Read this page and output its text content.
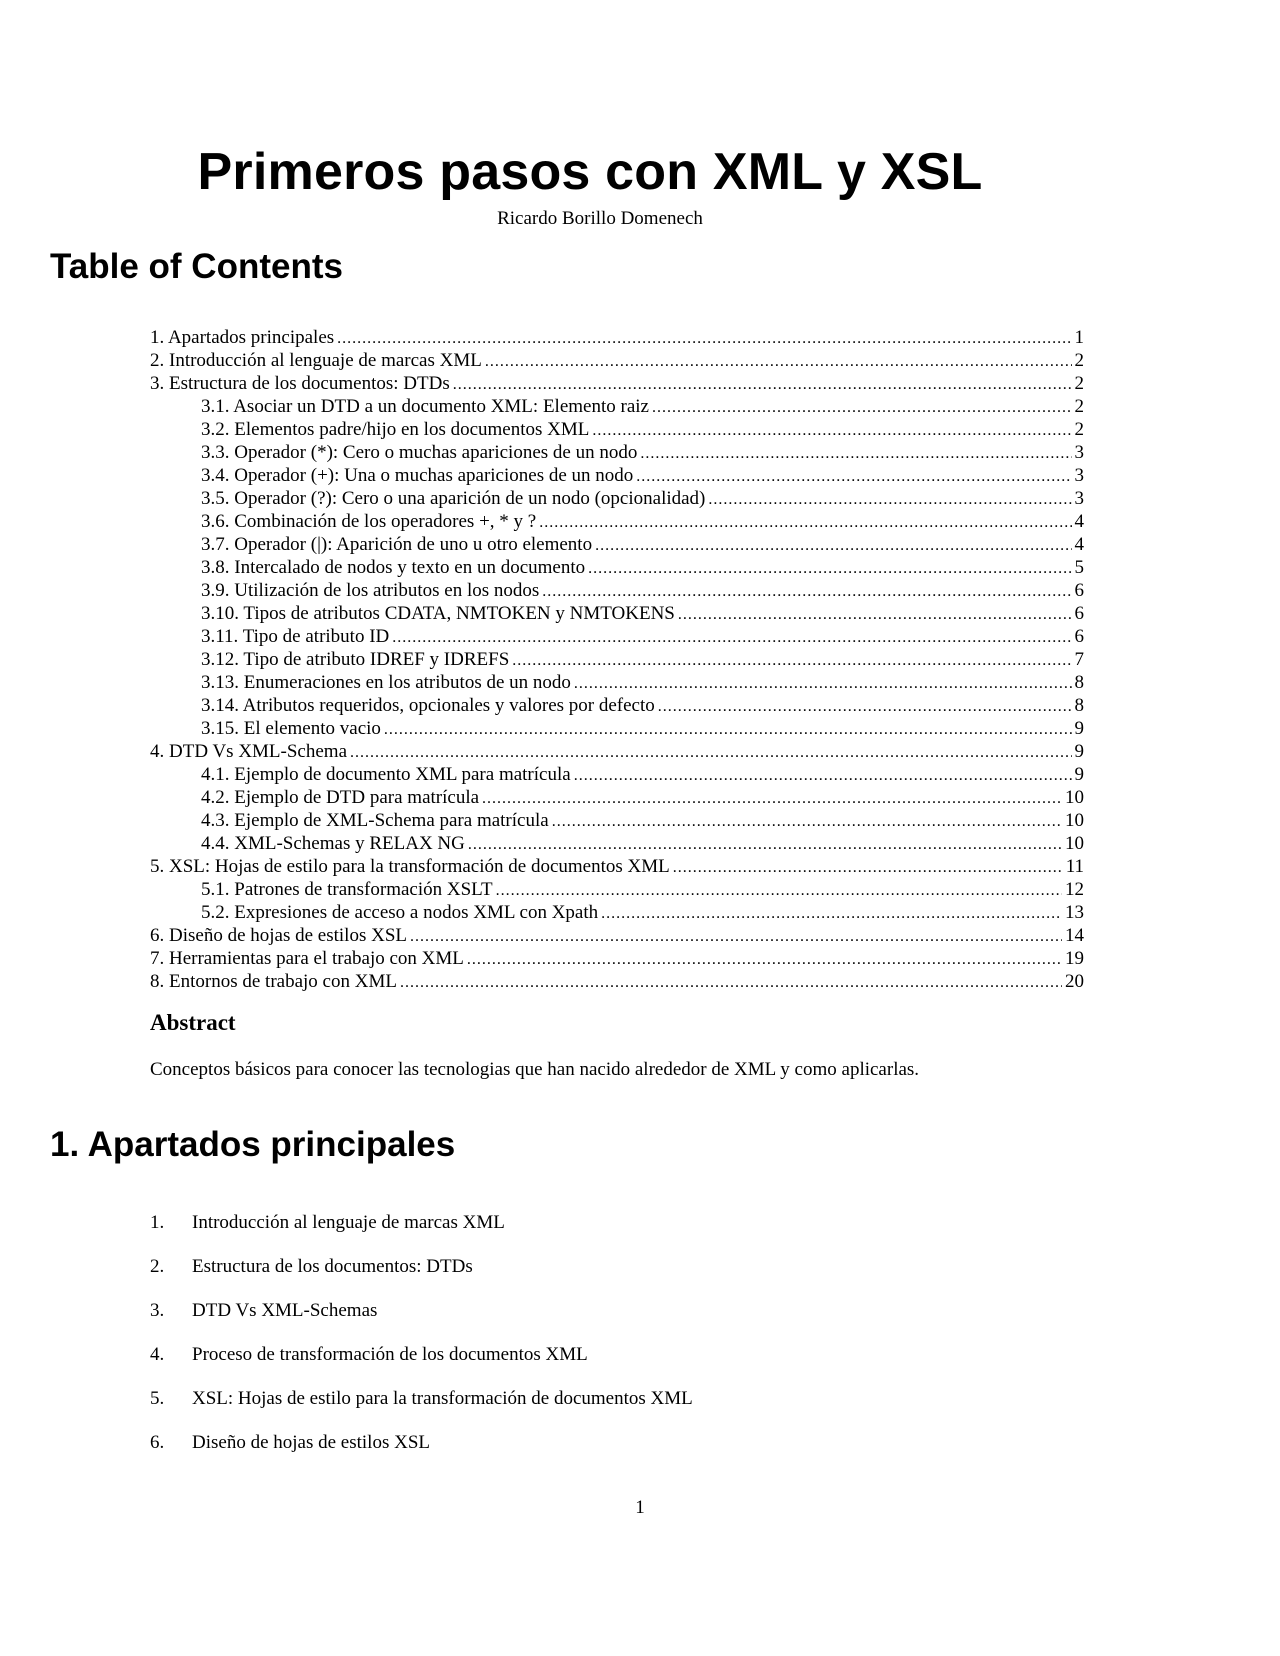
Primeros pasos con XML y XSL
Ricardo Borillo Domenech
Table of Contents
1. Apartados principales .....	1
2. Introducción al lenguaje de marcas XML .....	2
3. Estructura de los documentos: DTDs .....	2
3.1. Asociar un DTD a un documento XML: Elemento raiz .....	2
3.2. Elementos padre/hijo en los documentos XML .....	2
3.3. Operador (*): Cero o muchas apariciones de un nodo .....	3
3.4. Operador (+): Una o muchas apariciones de un nodo .....	3
3.5. Operador (?): Cero o una aparición de un nodo (opcionalidad) .....	3
3.6. Combinación de los operadores +, * y ? .....	4
3.7. Operador (|): Aparición de uno u otro elemento .....	4
3.8. Intercalado de nodos y texto en un documento .....	5
3.9. Utilización de los atributos en los nodos .....	6
3.10. Tipos de atributos CDATA, NMTOKEN y NMTOKENS .....	6
3.11. Tipo de atributo ID .....	6
3.12. Tipo de atributo IDREF y IDREFS .....	7
3.13. Enumeraciones en los atributos de un nodo .....	8
3.14. Atributos requeridos, opcionales y valores por defecto .....	8
3.15. El elemento vacio .....	9
4. DTD Vs XML-Schema .....	9
4.1. Ejemplo de documento XML para matrícula .....	9
4.2. Ejemplo de DTD para matrícula .....	10
4.3. Ejemplo de XML-Schema para matrícula .....	10
4.4. XML-Schemas y RELAX NG .....	10
5. XSL: Hojas de estilo para la transformación de documentos XML .....	11
5.1. Patrones de transformación XSLT .....	12
5.2. Expresiones de acceso a nodos XML con Xpath .....	13
6. Diseño de hojas de estilos XSL .....	14
7. Herramientas para el trabajo con XML .....	19
8. Entornos de trabajo con XML .....	20
Abstract

Conceptos básicos para conocer las tecnologias que han nacido alrededor de XML y como aplicarlas.

1. Apartados principales
1.	Introducción al lenguaje de marcas XML
2.	Estructura de los documentos: DTDs
3.	DTD Vs XML-Schemas
4.	Proceso de transformación de los documentos XML
5.	XSL: Hojas de estilo para la transformación de documentos XML
6.	Diseño de hojas de estilos XSL
1
